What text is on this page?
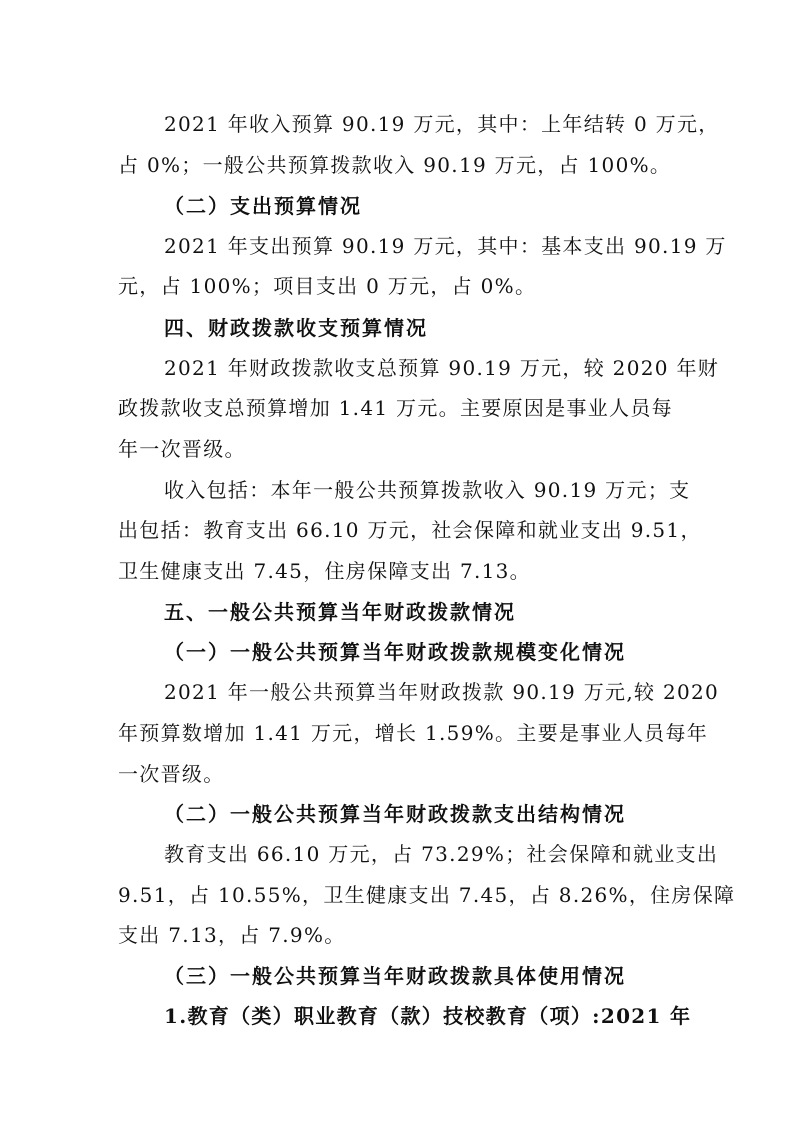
2021 年收入预算 90.19 万元，其中：上年结转 0 万元，
占 0%；一般公共预算拨款收入 90.19 万元，占 100%。
（二）支出预算情况
2021 年支出预算 90.19 万元，其中：基本支出 90.19 万
元，占 100%；项目支出 0 万元，占 0%。
四、财政拨款收支预算情况
2021 年财政拨款收支总预算 90.19 万元，较 2020 年财
政拨款收支总预算增加 1.41 万元。主要原因是事业人员每
年一次晋级。
收入包括：本年一般公共预算拨款收入 90.19 万元；支
出包括：教育支出 66.10 万元，社会保障和就业支出 9.51，
卫生健康支出 7.45，住房保障支出 7.13。
五、一般公共预算当年财政拨款情况
（一）一般公共预算当年财政拨款规模变化情况
2021 年一般公共预算当年财政拨款 90.19 万元,较 2020
年预算数增加 1.41 万元，增长 1.59%。主要是事业人员每年
一次晋级。
（二）一般公共预算当年财政拨款支出结构情况
教育支出 66.10 万元，占 73.29%；社会保障和就业支出
9.51，占 10.55%，卫生健康支出 7.45，占 8.26%，住房保障
支出 7.13，占 7.9%。
（三）一般公共预算当年财政拨款具体使用情况
1.教育（类）职业教育（款）技校教育（项）:2021 年
